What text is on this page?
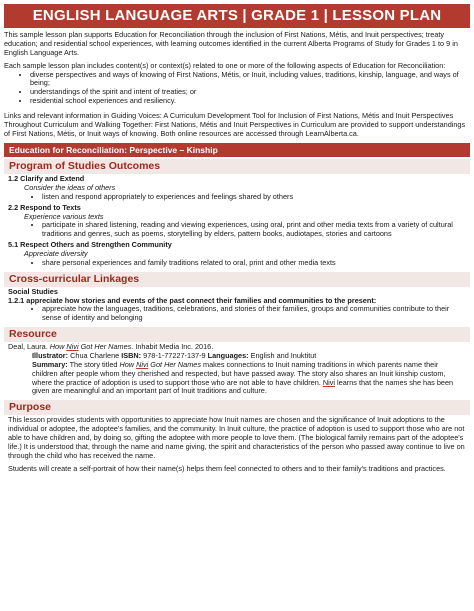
ENGLISH LANGUAGE ARTS | GRADE 1 | LESSON PLAN

This sample lesson plan supports Education for Reconciliation through the inclusion of First Nations, Métis, and Inuit perspectives; treaty education; and residential school experiences, with learning outcomes identified in the current Alberta Programs of Study for Grades 1 to 9 in English Language Arts.

Each sample lesson plan includes content(s) or context(s) related to one or more of the following aspects of Education for Reconciliation:

• diverse perspectives and ways of knowing of First Nations, Métis, or Inuit, including values, traditions, kinship, language, and ways of being;
• understandings of the spirit and intent of treaties; or
• residential school experiences and resiliency.

Links and relevant information in Guiding Voices: A Curriculum Development Tool for Inclusion of First Nations, Métis and Inuit Perspectives Throughout Curriculum and Walking Together: First Nations, Métis and Inuit Perspectives in Curriculum are provided to support understandings of First Nations, Métis, or Inuit ways of knowing. Both online resources are accessed through LearnAlberta.ca.

Education for Reconciliation: Perspective – Kinship
Program of Studies Outcomes
1.2 Clarify and Extend
Consider the ideas of others
• listen and respond appropriately to experiences and feelings shared by others
2.2 Respond to Texts
Experience various texts
• participate in shared listening, reading and viewing experiences, using oral, print and other media texts from a variety of cultural traditions and genres, such as poems, storytelling by elders, pattern books, audiotapes, stories and cartoons
5.1 Respect Others and Strengthen Community
Appreciate diversity
• share personal experiences and family traditions related to oral, print and other media texts
Cross-curricular Linkages
Social Studies
1.2.1 appreciate how stories and events of the past connect their families and communities to the present:
• appreciate how the languages, traditions, celebrations, and stories of their families, groups and communities contribute to their sense of identity and belonging
Resource
Deal, Laura. How Nivi Got Her Names. Inhabit Media Inc. 2016.
Illustrator: Chua Charlene ISBN: 978-1-77227-137-9 Languages: English and Inuktitut
Summary: The story titled How Nivi Got Her Names makes connections to Inuit naming traditions in which parents name their children after people whom they cherished and respected, but have passed away. The story also shares an Inuit kinship custom, where the practice of adoption is used to support those who are not able to have children. Nivi learns that the names she has been given are meaningful and an important part of Inuit traditions and culture.
Purpose

This lesson provides students with opportunities to appreciate how Inuit names are chosen and the significance of Inuit adoptions to the individual or adoptee, the adoptee's families, and the community. In Inuit culture, the practice of adoption is used to support those who are not able to have children and, by doing so, gifting the adoptee with more people to love them. (The biological family remains part of the adoptee's life.) It is understood that, through the name and name giving, the spirit and characteristics of the person who passed away continue to live on through the child who has received the name.

Students will create a self-portrait of how their name(s) helps them feel connected to others and to their family's traditions and practices.
